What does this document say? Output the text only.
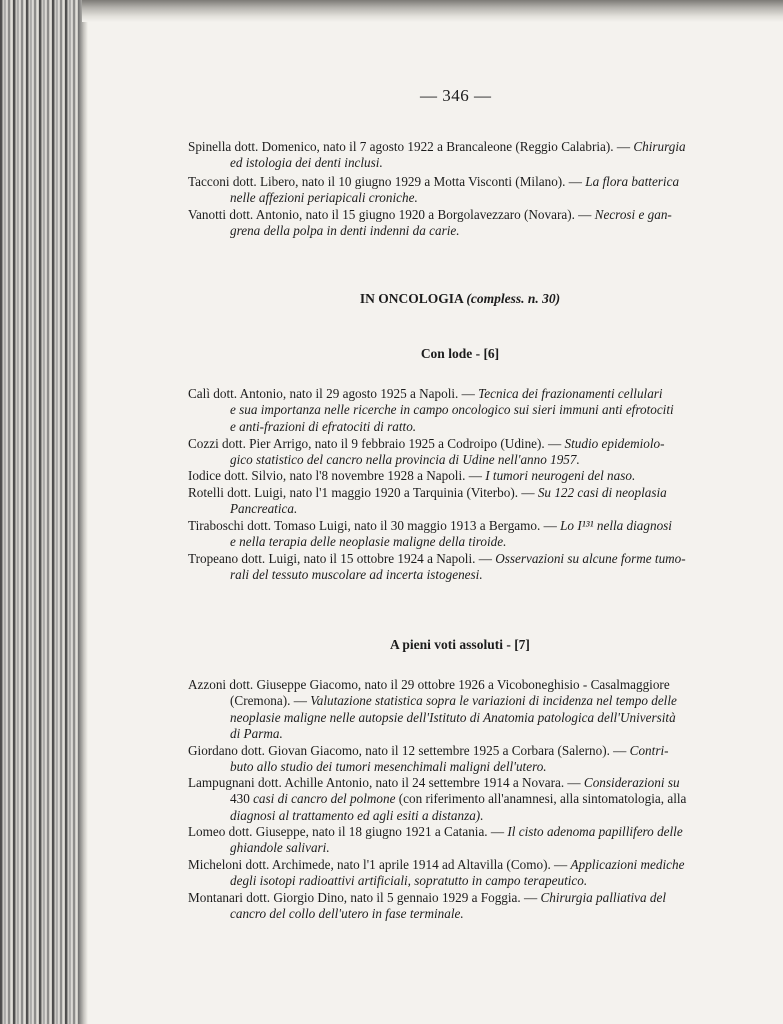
— 346 —
Spinella dott. Domenico, nato il 7 agosto 1922 a Brancaleone (Reggio Calabria). — Chirurgia
ed istologia dei denti inclusi.
Tacconi dott. Libero, nato il 10 giugno 1929 a Motta Visconti (Milano). — La flora batterica
nelle affezioni periapicali croniche.
Vanotti dott. Antonio, nato il 15 giugno 1920 a Borgolavezzaro (Novara). — Necrosi e gan-
grena della polpa in denti indenni da carie.
IN ONCOLOGIA (compless. n. 30)
Con lode - [6]
Calì dott. Antonio, nato il 29 agosto 1925 a Napoli. — Tecnica dei frazionamenti cellulari
e sua importanza nelle ricerche in campo oncologico sui sieri immuni anti efrotociti
e anti-frazioni di efratociti di ratto.
Cozzi dott. Pier Arrigo, nato il 9 febbraio 1925 a Codroipo (Udine). — Studio epidemiolo-
gico statistico del cancro nella provincia di Udine nell'anno 1957.
Iodice dott. Silvio, nato l'8 novembre 1928 a Napoli. — I tumori neurogeni del naso.
Rotelli dott. Luigi, nato l'1 maggio 1920 a Tarquinia (Viterbo). — Su 122 casi di neoplasia
Pancreatica.
Tiraboschi dott. Tomaso Luigi, nato il 30 maggio 1913 a Bergamo. — Lo I¹³¹ nella diagnosi
e nella terapia delle neoplasie maligne della tiroide.
Tropeano dott. Luigi, nato il 15 ottobre 1924 a Napoli. — Osservazioni su alcune forme tumo-
rali del tessuto muscolare ad incerta istogenesi.
A pieni voti assoluti - [7]
Azzoni dott. Giuseppe Giacomo, nato il 29 ottobre 1926 a Vicoboneghisio - Casalmaggiore
(Cremona). — Valutazione statistica sopra le variazioni di incidenza nel tempo delle
neoplasie maligne nelle autopsie dell'Istituto di Anatomia patologica dell'Università
di Parma.
Giordano dott. Giovan Giacomo, nato il 12 settembre 1925 a Corbara (Salerno). — Contri-
buto allo studio dei tumori mesenchimali maligni dell'utero.
Lampugnani dott. Achille Antonio, nato il 24 settembre 1914 a Novara. — Considerazioni su
430 casi di cancro del polmone (con riferimento all'anamnesi, alla sintomatologia, alla
diagnosi al trattamento ed agli esiti a distanza).
Lomeo dott. Giuseppe, nato il 18 giugno 1921 a Catania. — Il cisto adenoma papillifero delle
ghiandole salivari.
Micheloni dott. Archimede, nato l'1 aprile 1914 ad Altavilla (Como). — Applicazioni mediche
degli isotopi radioattivi artificiali, sopratutto in campo terapeutico.
Montanari dott. Giorgio Dino, nato il 5 gennaio 1929 a Foggia. — Chirurgia palliativa del
cancro del collo dell'utero in fase terminale.
